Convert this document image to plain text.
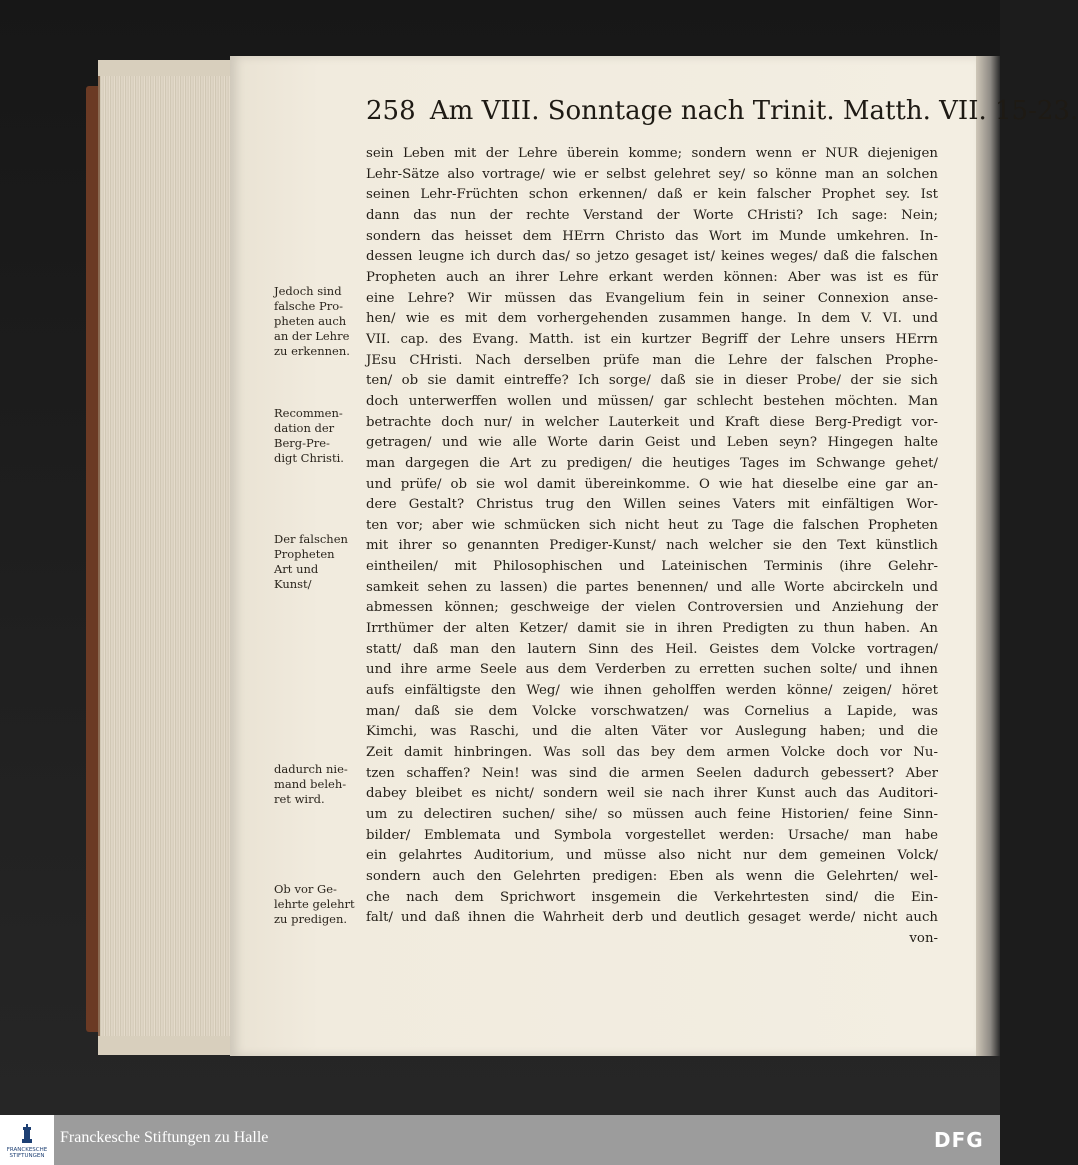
258 Am VIII. Sonntage nach Trinit. Matth. VII. 15-23.
Jedoch sind
falsche Pro-
pheten auch
an der Lehre
zu erkennen.
Recommen-
dation der
Berg-Pre-
digt Christi.
Der falschen
Propheten
Art und
Kunst/
dadurch nie-
mand beleh-
ret wird.
Ob vor Ge-
lehrte gelehrt
zu predigen.
sein Leben mit der Lehre überein komme; sondern wenn er NUR diejenigen
Lehr-Sätze also vortrage/ wie er selbst gelehret sey/ so könne man an solchen
seinen Lehr-Früchten schon erkennen/ daß er kein falscher Prophet sey. Ist
dann das nun der rechte Verstand der Worte CHristi? Ich sage: Nein;
sondern das heisset dem HErrn Christo das Wort im Munde umkehren. In-
dessen leugne ich durch das/ so jetzo gesaget ist/ keines weges/ daß die falschen
Propheten auch an ihrer Lehre erkant werden können: Aber was ist es für
eine Lehre? Wir müssen das Evangelium fein in seiner Connexion anse-
hen/ wie es mit dem vorhergehenden zusammen hange. In dem V. VI. und
VII. cap. des Evang. Matth. ist ein kurtzer Begriff der Lehre unsers HErrn
JEsu CHristi. Nach derselben prüfe man die Lehre der falschen Prophe-
ten/ ob sie damit eintreffe? Ich sorge/ daß sie in dieser Probe/ der sie sich
doch unterwerffen wollen und müssen/ gar schlecht bestehen möchten. Man
betrachte doch nur/ in welcher Lauterkeit und Kraft diese Berg-Predigt vor-
getragen/ und wie alle Worte darin Geist und Leben seyn? Hingegen halte
man dargegen die Art zu predigen/ die heutiges Tages im Schwange gehet/
und prüfe/ ob sie wol damit übereinkomme. O wie hat dieselbe eine gar an-
dere Gestalt? Christus trug den Willen seines Vaters mit einfältigen Wor-
ten vor; aber wie schmücken sich nicht heut zu Tage die falschen Propheten
mit ihrer so genannten Prediger-Kunst/ nach welcher sie den Text künstlich
eintheilen/ mit Philosophischen und Lateinischen Terminis (ihre Gelehr-
samkeit sehen zu lassen) die partes benennen/ und alle Worte abcirckeln und
abmessen können; geschweige der vielen Controversien und Anziehung der
Irrthümer der alten Ketzer/ damit sie in ihren Predigten zu thun haben. An
statt/ daß man den lautern Sinn des Heil. Geistes dem Volcke vortragen/
und ihre arme Seele aus dem Verderben zu erretten suchen solte/ und ihnen
aufs einfältigste den Weg/ wie ihnen geholffen werden könne/ zeigen/ höret
man/ daß sie dem Volcke vorschwatzen/ was Cornelius a Lapide, was
Kimchi, was Raschi, und die alten Väter vor Auslegung haben; und die
Zeit damit hinbringen. Was soll das bey dem armen Volcke doch vor Nu-
tzen schaffen? Nein! was sind die armen Seelen dadurch gebessert? Aber
dabey bleibet es nicht/ sondern weil sie nach ihrer Kunst auch das Auditori-
um zu delectiren suchen/ sihe/ so müssen auch feine Historien/ feine Sinn-
bilder/ Emblemata und Symbola vorgestellet werden: Ursache/ man habe
ein gelahrtes Auditorium, und müsse also nicht nur dem gemeinen Volck/
sondern auch den Gelehrten predigen: Eben als wenn die Gelehrten/ wel-
che nach dem Sprichwort insgemein die Verkehrtesten sind/ die Ein-
falt/ und daß ihnen die Wahrheit derb und deutlich gesaget werde/ nicht auch
von-
FRANCKESCHE STIFTUNGEN
Franckesche Stiftungen zu Halle	DFG
